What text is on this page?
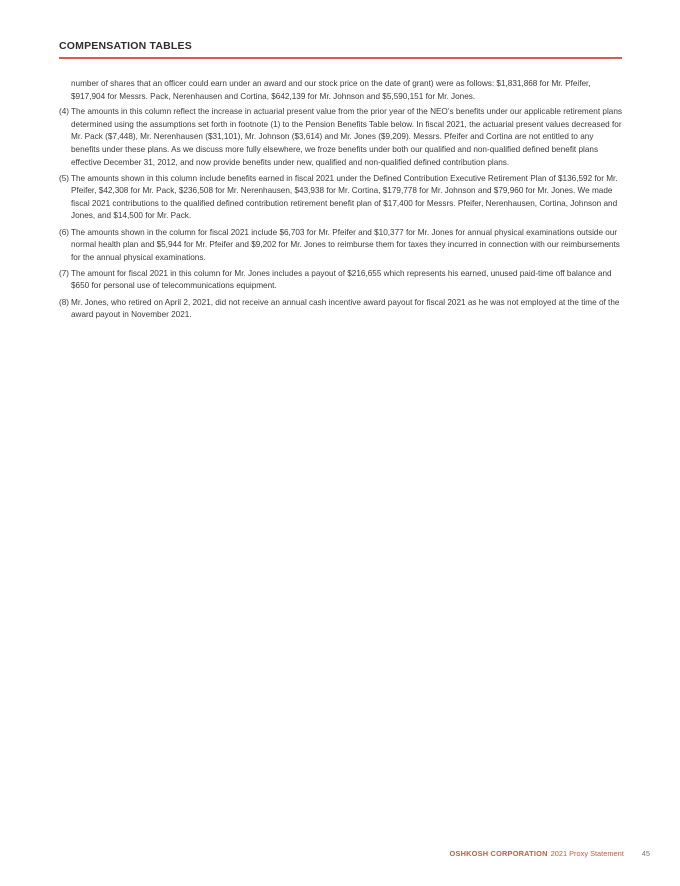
COMPENSATION TABLES

number of shares that an officer could earn under an award and our stock price on the date of grant) were as follows: $1,831,868 for Mr. Pfeifer, $917,904 for Messrs. Pack, Nerenhausen and Cortina, $642,139 for Mr. Johnson and $5,590,151 for Mr. Jones.

(4) The amounts in this column reflect the increase in actuarial present value from the prior year of the NEO’s benefits under our applicable retirement plans determined using the assumptions set forth in footnote (1) to the Pension Benefits Table below. In fiscal 2021, the actuarial present values decreased for Mr. Pack ($7,448), Mr. Nerenhausen ($31,101), Mr. Johnson ($3,614) and Mr. Jones ($9,209). Messrs. Pfeifer and Cortina are not entitled to any benefits under these plans. As we discuss more fully elsewhere, we froze benefits under both our qualified and non-qualified defined benefit plans effective December 31, 2012, and now provide benefits under new, qualified and non-qualified defined contribution plans.
(5) The amounts shown in this column include benefits earned in fiscal 2021 under the Defined Contribution Executive Retirement Plan of $136,592 for Mr. Pfeifer, $42,308 for Mr. Pack, $236,508 for Mr. Nerenhausen, $43,938 for Mr. Cortina, $179,778 for Mr. Johnson and $79,960 for Mr. Jones. We made fiscal 2021 contributions to the qualified defined contribution retirement benefit plan of $17,400 for Messrs. Pfeifer, Nerenhausen, Cortina, Johnson and Jones, and $14,500 for Mr. Pack.
(6) The amounts shown in the column for fiscal 2021 include $6,703 for Mr. Pfeifer and $10,377 for Mr. Jones for annual physical examinations outside our normal health plan and $5,944 for Mr. Pfeifer and $9,202 for Mr. Jones to reimburse them for taxes they incurred in connection with our reimbursements for the annual physical examinations.
(7) The amount for fiscal 2021 in this column for Mr. Jones includes a payout of $216,655 which represents his earned, unused paid-time off balance and $650 for personal use of telecommunications equipment.
(8) Mr. Jones, who retired on April 2, 2021, did not receive an annual cash incentive award payout for fiscal 2021 as he was not employed at the time of the award payout in November 2021.
OSHKOSH CORPORATION 2021 Proxy Statement 45
